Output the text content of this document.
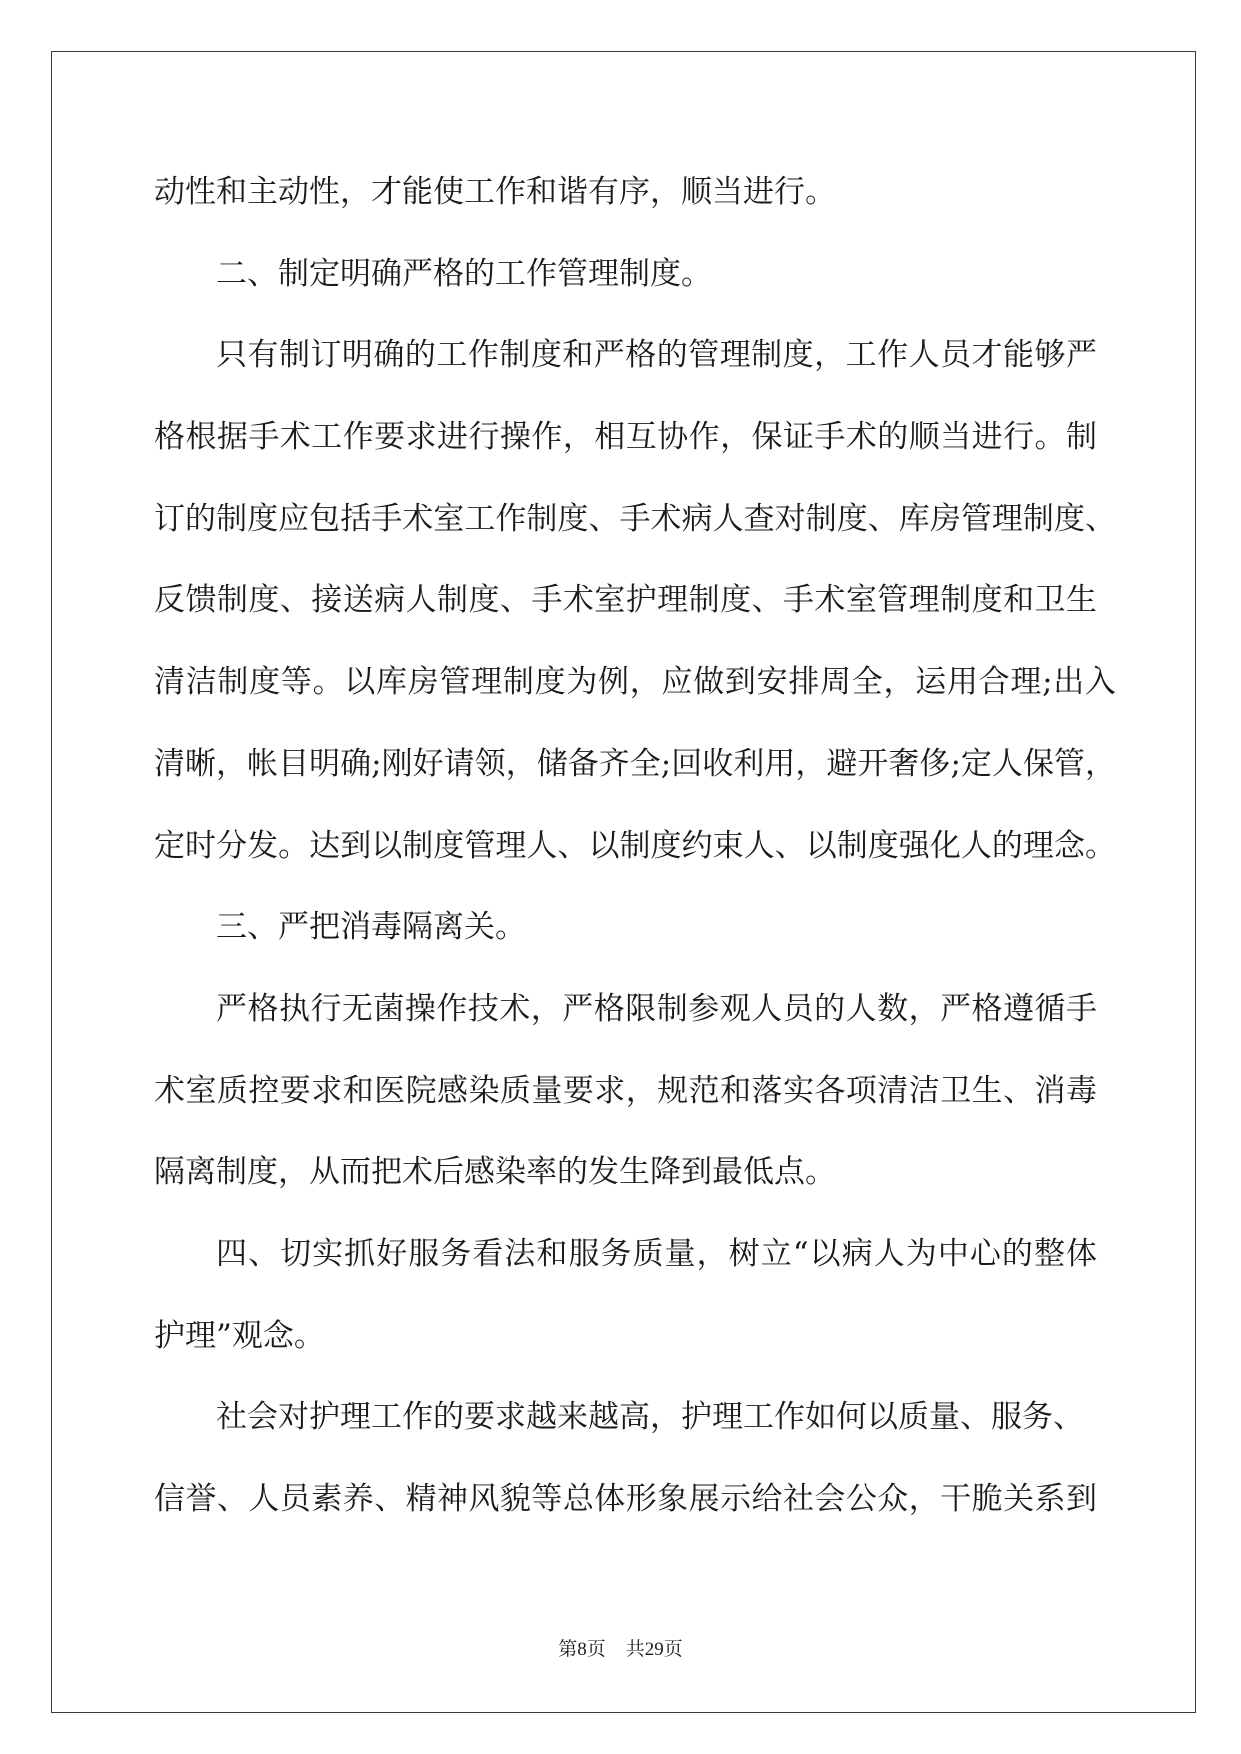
动性和主动性，才能使工作和谐有序，顺当进行。
二、制定明确严格的工作管理制度。
只有制订明确的工作制度和严格的管理制度，工作人员才能够严
格根据手术工作要求进行操作，相互协作，保证手术的顺当进行。制
订的制度应包括手术室工作制度、手术病人查对制度、库房管理制度、
反馈制度、接送病人制度、手术室护理制度、手术室管理制度和卫生
清洁制度等。以库房管理制度为例，应做到安排周全，运用合理;出入
清晰，帐目明确;刚好请领，储备齐全;回收利用，避开奢侈;定人保管，
定时分发。达到以制度管理人、以制度约束人、以制度强化人的理念。
三、严把消毒隔离关。
严格执行无菌操作技术，严格限制参观人员的人数，严格遵循手
术室质控要求和医院感染质量要求，规范和落实各项清洁卫生、消毒
隔离制度，从而把术后感染率的发生降到最低点。
四、切实抓好服务看法和服务质量，树立“以病人为中心的整体
护理”观念。
社会对护理工作的要求越来越高，护理工作如何以质量、服务、
信誉、人员素养、精神风貌等总体形象展示给社会公众，干脆关系到
第8页 共29页
